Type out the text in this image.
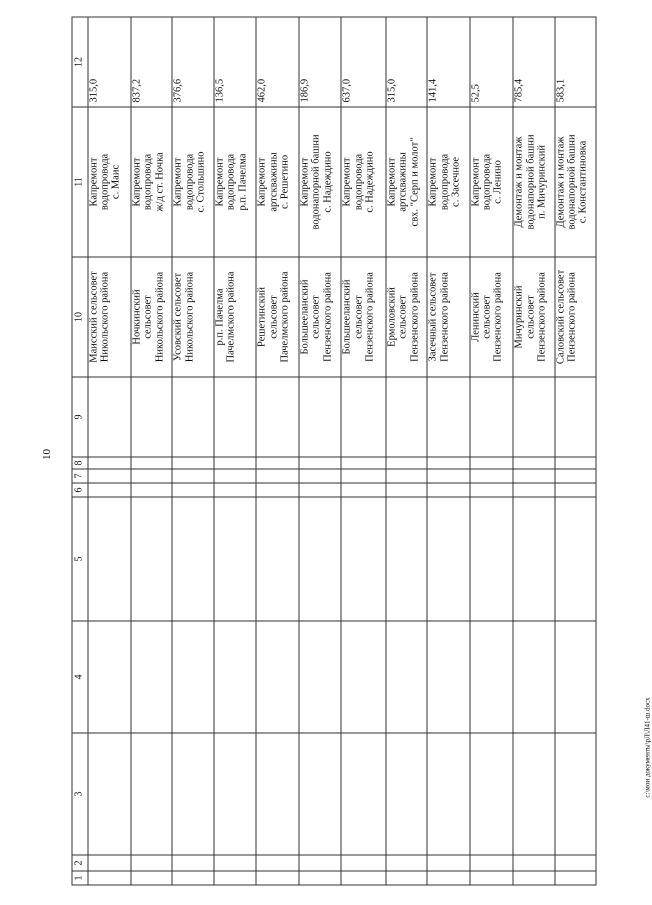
10
c:\мои документы\рЛ\Л41-ш.docx
1	2	3	4	5	6	7	8	9	10	11	12

									Маисский сельсовет Никольского района	Капремонт водопровода с. Маис	315,0

									Ночкинский сельсовет Никольского района	Капремонт водопровода ж/д ст. Ночка	837,2

									Усовский сельсовет Никольского района	Капремонт водопровода с. Стольшино	376,6

									р.п. Пачелма Пачелмского района	Капремонт водопровода р.п. Пачелма	136,5

									Решетинский сельсовет Пачелмского района	Капремонт артскважины с. Решетино	462,0

									Большееланский сельсовет Пензенского района	Капремонт водонапорной башни с. Надеждино	186,9

									Большееланский сельсовет Пензенского района	Капремонт водопровода с. Надеждино	637,0

									Ермоловский сельсовет Пензенского района	Капремонт артскважины свх. "Серп и молот"	315,0

									Засечный сельсовет Пензенского района	Капремонт водопровода с. Засечное	141,4

									Ленинский сельсовет Пензенского района	Капремонт водопровода с. Ленино	52,5

									Мичуринский сельсовет Пензенского района	Демонтаж и монтаж водонапорной башни п. Мичуринский	785,4

									Саловский сельсовет Пензенского района	Демонтаж и монтаж водонапорной башни с. Константиновка	583,1
